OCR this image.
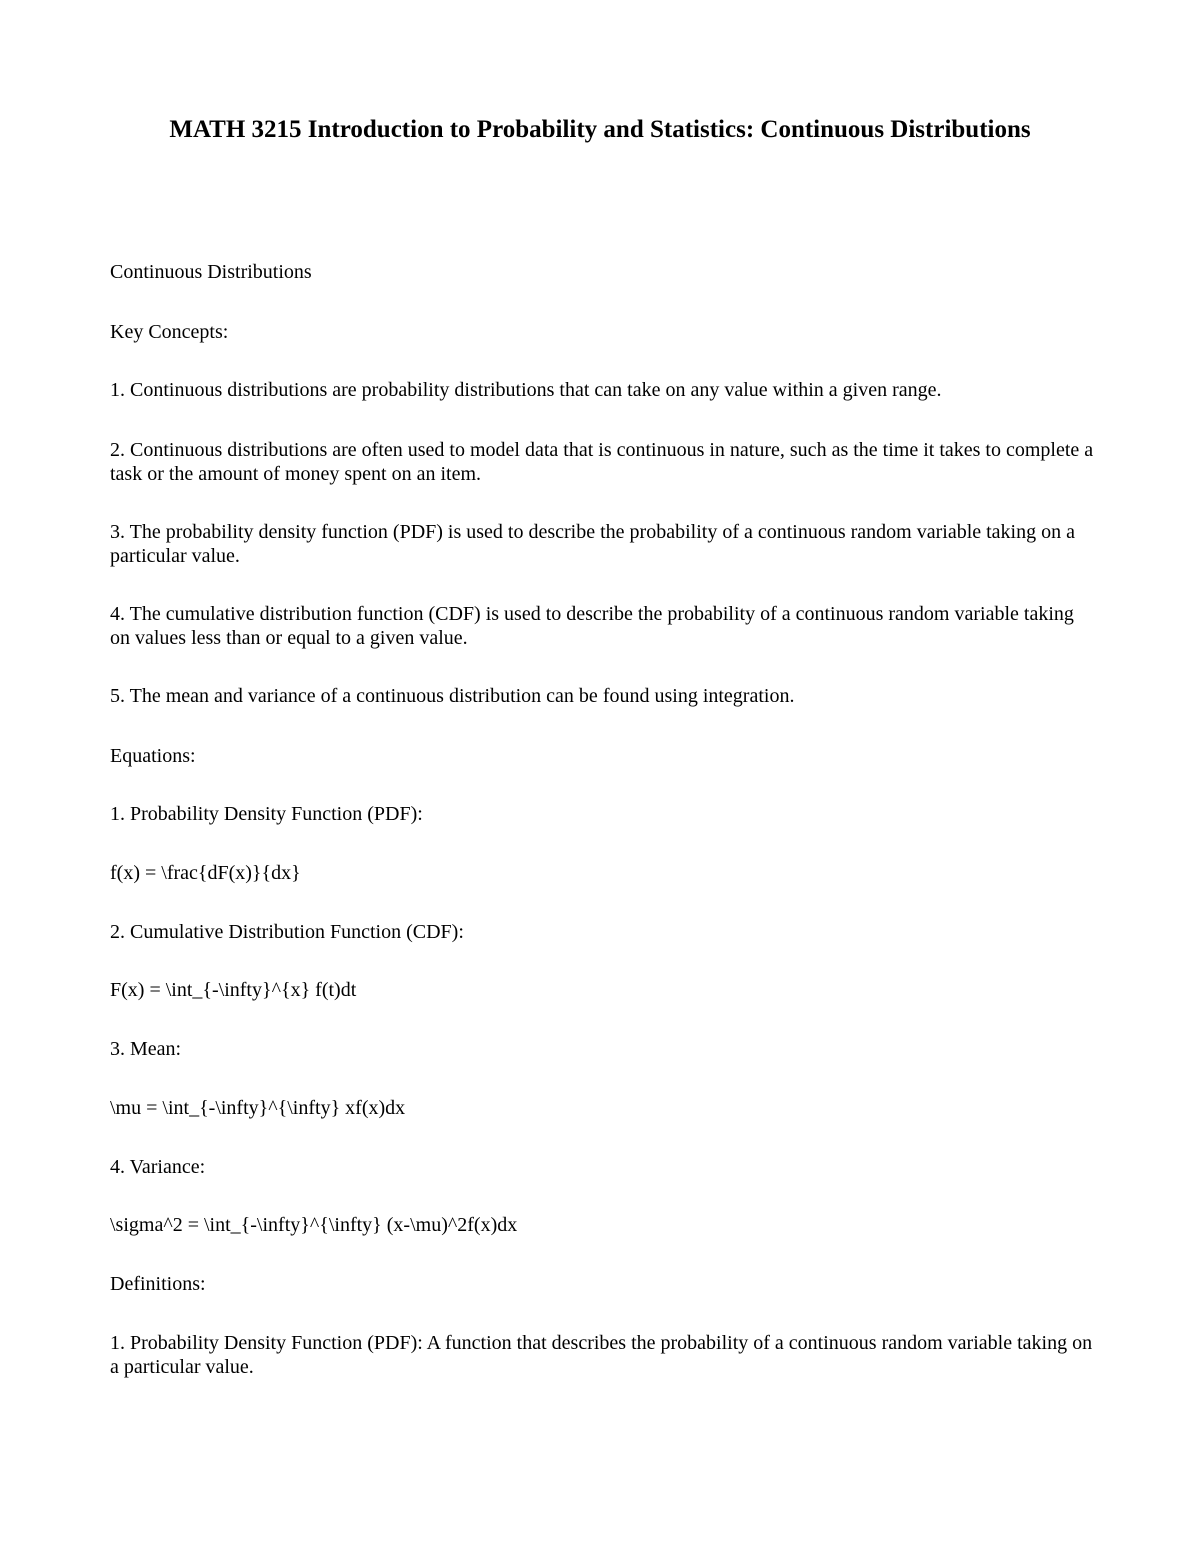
MATH 3215 Introduction to Probability and Statistics: Continuous Distributions

Continuous Distributions

Key Concepts:

1. Continuous distributions are probability distributions that can take on any value within a given range.

2. Continuous distributions are often used to model data that is continuous in nature, such as the time it takes to complete a task or the amount of money spent on an item.

3. The probability density function (PDF) is used to describe the probability of a continuous random variable taking on a particular value.

4. The cumulative distribution function (CDF) is used to describe the probability of a continuous random variable taking on values less than or equal to a given value.

5. The mean and variance of a continuous distribution can be found using integration.

Equations:

1. Probability Density Function (PDF):

f(x) = \frac{dF(x)}{dx}

2. Cumulative Distribution Function (CDF):

F(x) = \int_{-\infty}^{x} f(t)dt

3. Mean:

\mu = \int_{-\infty}^{\infty} xf(x)dx

4. Variance:

\sigma^2 = \int_{-\infty}^{\infty} (x-\mu)^2f(x)dx

Definitions:

1. Probability Density Function (PDF): A function that describes the probability of a continuous random variable taking on a particular value.
